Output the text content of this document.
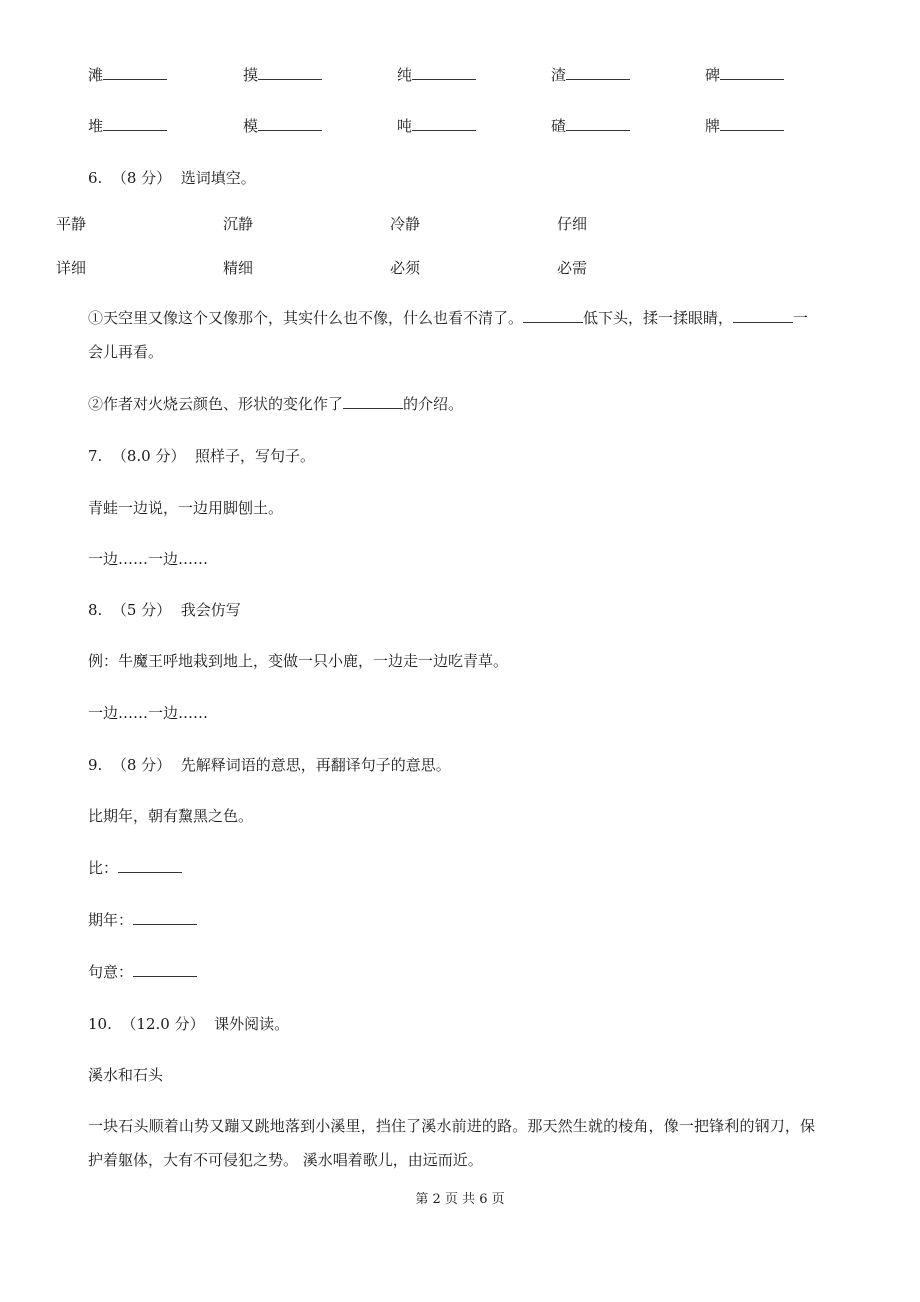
滩	摸	纯	渣	碑
堆	模	吨	碴	牌
6. （8 分） 选词填空。
平静	沉静	冷静	仔细
详细	精细	必须	必需
①天空里又像这个又像那个，其实什么也不像，什么也看不清了。	低下头，揉一揉眼睛，	一
会儿再看。
②作者对火烧云颜色、形状的变化作了	的介绍。
7. （8.0 分） 照样子，写句子。
青蛙一边说，一边用脚刨土。
一边……一边……
8. （5 分） 我会仿写
例：牛魔王呼地栽到地上，变做一只小鹿，一边走一边吃青草。
一边……一边……
9. （8 分） 先解释词语的意思，再翻译句子的意思。
比期年，朝有黧黑之色。
比：
期年：
句意：
10. （12.0 分） 课外阅读。
溪水和石头
一块石头顺着山势又蹦又跳地落到小溪里，挡住了溪水前进的路。那天然生就的棱角，像一把锋利的钢刀，保
护着躯体，大有不可侵犯之势。 溪水唱着歌儿，由远而近。
第 2 页 共 6 页
